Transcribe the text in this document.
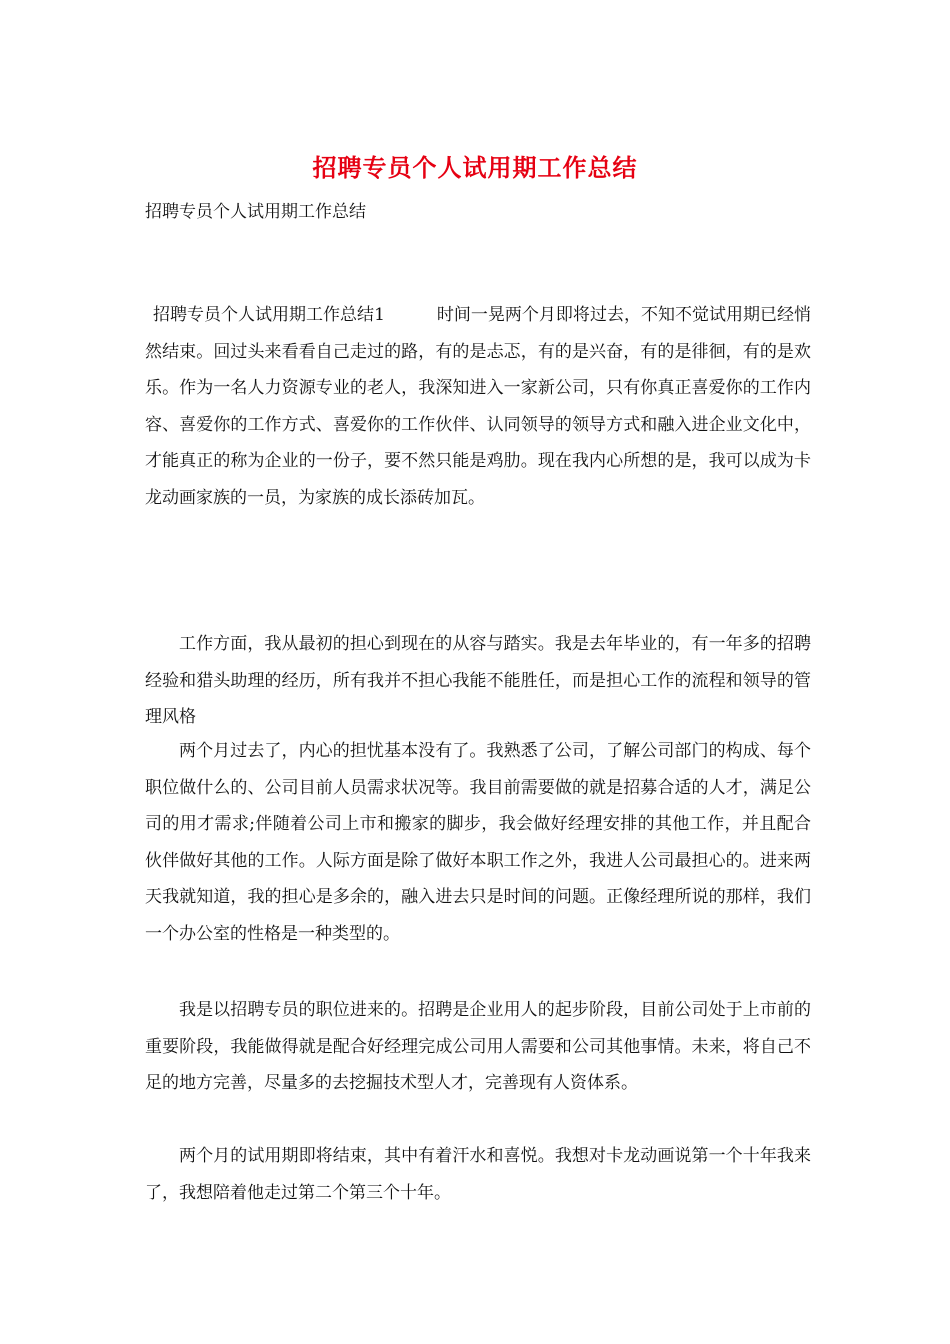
招聘专员个人试用期工作总结
招聘专员个人试用期工作总结

招聘专员个人试用期工作总结1	时间一晃两个月即将过去，不知不觉试用期已经悄然结束。回过头来看看自己走过的路，有的是忐忑，有的是兴奋，有的是徘徊，有的是欢乐。作为一名人力资源专业的老人，我深知进入一家新公司，只有你真正喜爱你的工作内容、喜爱你的工作方式、喜爱你的工作伙伴、认同领导的领导方式和融入进企业文化中，才能真正的称为企业的一份子，要不然只能是鸡肋。现在我内心所想的是，我可以成为卡龙动画家族的一员，为家族的成长添砖加瓦。

工作方面，我从最初的担心到现在的从容与踏实。我是去年毕业的，有一年多的招聘经验和猎头助理的经历，所有我并不担心我能不能胜任，而是担心工作的流程和领导的管理风格

两个月过去了，内心的担忧基本没有了。我熟悉了公司，了解公司部门的构成、每个职位做什么的、公司目前人员需求状况等。我目前需要做的就是招募合适的人才，满足公司的用才需求;伴随着公司上市和搬家的脚步，我会做好经理安排的其他工作，并且配合伙伴做好其他的工作。人际方面是除了做好本职工作之外，我进人公司最担心的。进来两天我就知道，我的担心是多余的，融入进去只是时间的问题。正像经理所说的那样，我们一个办公室的性格是一种类型的。

我是以招聘专员的职位进来的。招聘是企业用人的起步阶段，目前公司处于上市前的重要阶段，我能做得就是配合好经理完成公司用人需要和公司其他事情。未来，将自己不足的地方完善，尽量多的去挖掘技术型人才，完善现有人资体系。

两个月的试用期即将结束，其中有着汗水和喜悦。我想对卡龙动画说第一个十年我来了，我想陪着他走过第二个第三个十年。
